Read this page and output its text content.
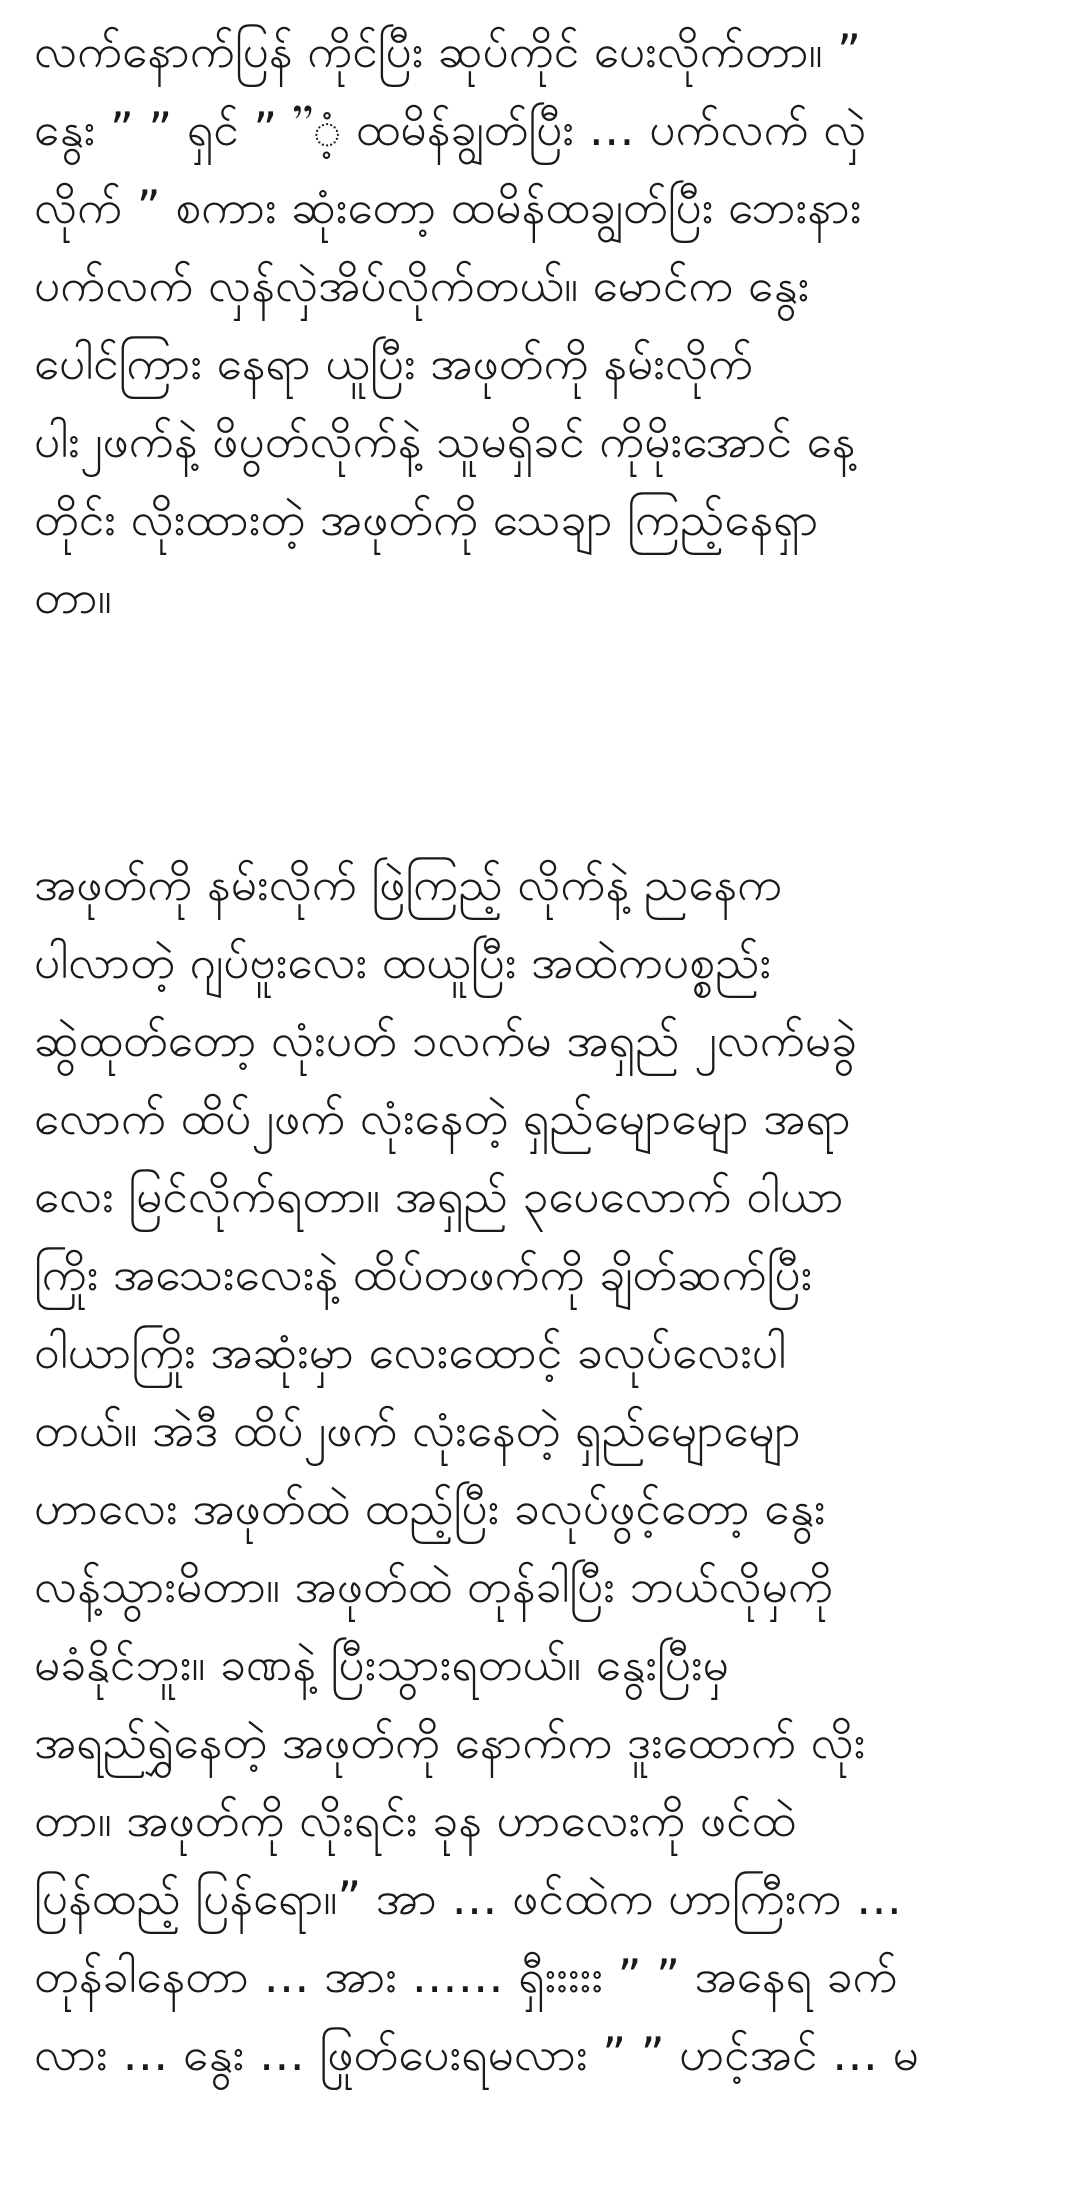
လက်နောက်ပြန် ကိုင်ပြီး ဆုပ်ကိုင် ပေးလိုက်တာ။ ”
နွေး ” ” ရှင် ” ”ံ့ ထမိန်ချွတ်ပြီး … ပက်လက် လှဲ
လိုက် ” စကား ဆုံးတော့ ထမိန်ထချွတ်ပြီး ဘေးနား
ပက်လက် လှန်လှဲအိပ်လိုက်တယ်။ မောင်က နွေး
ပေါင်ကြား နေရာ ယူပြီး အဖုတ်ကို နမ်းလိုက်
ပါး၂ဖက်နဲ့ ဖိပွတ်လိုက်နဲ့ သူမရှိခင် ကိုမိုးအောင် နေ့
တိုင်း လိုးထားတဲ့ အဖုတ်ကို သေချာ ကြည့်နေရှာ
တာ။
အဖုတ်ကို နမ်းလိုက် ဖြဲကြည့် လိုက်နဲ့ ညနေက
ပါလာတဲ့ ဂျပ်ဗူးလေး ထယူပြီး အထဲကပစ္စည်း
ဆွဲထုတ်တော့ လုံးပတ် ၁လက်မ အရှည် ၂လက်မခွဲ
လောက် ထိပ်၂ဖက် လုံးနေတဲ့ ရှည်မျောမျော အရာ
လေး မြင်လိုက်ရတာ။ အရှည် ၃ပေလောက် ဝါယာ
ကြိုး အသေးလေးနဲ့ ထိပ်တဖက်ကို ချိတ်ဆက်ပြီး
ဝါယာကြိုး အဆုံးမှာ လေးထောင့် ခလုပ်လေးပါ
တယ်။ အဲဒီ ထိပ်၂ဖက် လုံးနေတဲ့ ရှည်မျောမျော
ဟာလေး အဖုတ်ထဲ ထည့်ပြီး ခလုပ်ဖွင့်တော့ နွေး
လန့်သွားမိတာ။ အဖုတ်ထဲ တုန်ခါပြီး ဘယ်လိုမှကို
မခံနိုင်ဘူး။ ခဏနဲ့ ပြီးသွားရတယ်။ နွေးပြီးမှ
အရည်ရွှဲနေတဲ့ အဖုတ်ကို နောက်က ဒူးထောက် လိုး
တာ။ အဖုတ်ကို လိုးရင်း ခုန ဟာလေးကို ဖင်ထဲ
ပြန်ထည့် ပြန်ရော။” အာ … ဖင်ထဲက ဟာကြီးက …
တုန်ခါနေတာ … အား …… ရှီးးးးး ” ” အနေရ ခက်
လား … နွေး … ဖြုတ်ပေးရမလား ” ” ဟင့်အင် … မ
